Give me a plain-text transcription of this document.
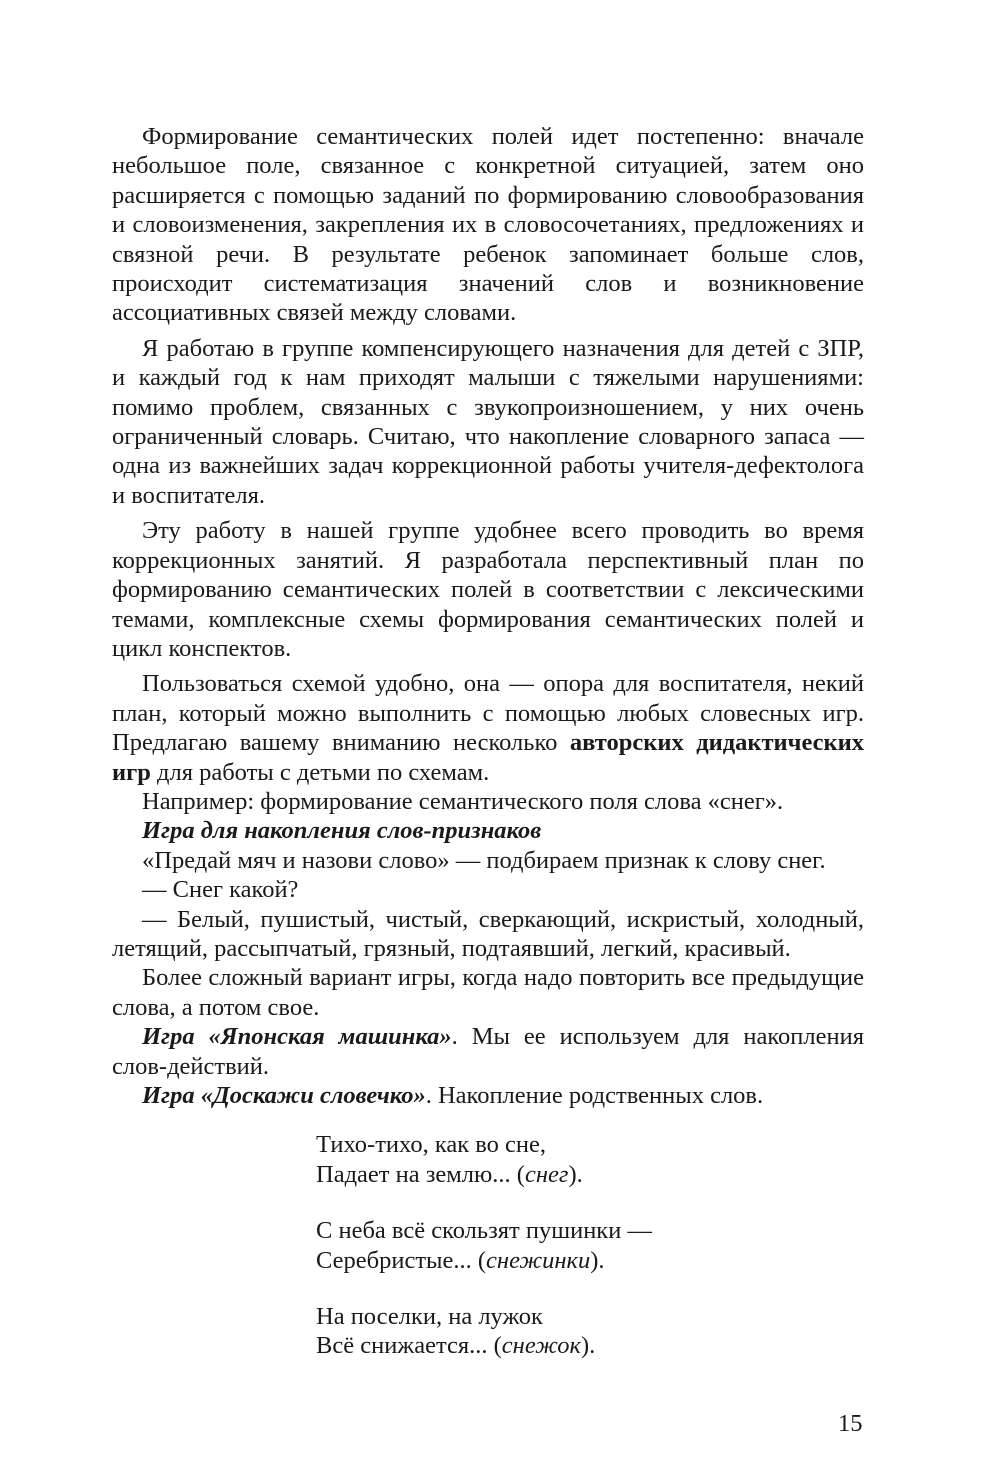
Формирование семантических полей идет постепенно: вначале небольшое поле, связанное с конкретной ситуацией, затем оно расширяется с помощью заданий по формированию словообразования и словоизменения, закрепления их в словосочетаниях, предложениях и связной речи. В результате ребенок запоминает больше слов, происходит систематизация значений слов и возникновение ассоциативных связей между словами.

Я работаю в группе компенсирующего назначения для детей с ЗПР, и каждый год к нам приходят малыши с тяжелыми нарушениями: помимо проблем, связанных с звукопроизношением, у них очень ограниченный словарь. Считаю, что накопление словарного запаса — одна из важнейших задач коррекционной работы учителя-дефектолога и воспитателя.

Эту работу в нашей группе удобнее всего проводить во время коррекционных занятий. Я разработала перспективный план по формированию семантических полей в соответствии с лексическими темами, комплексные схемы формирования семантических полей и цикл конспектов.

Пользоваться схемой удобно, она — опора для воспитателя, некий план, который можно выполнить с помощью любых словесных игр. Предлагаю вашему вниманию несколько авторских дидактических игр для работы с детьми по схемам.

Например: формирование семантического поля слова «снег».

Игра для накопления слов-признаков

«Предай мяч и назови слово» — подбираем признак к слову снег.

— Снег какой?

— Белый, пушистый, чистый, сверкающий, искристый, холодный, летящий, рассыпчатый, грязный, подтаявший, легкий, красивый.

Более сложный вариант игры, когда надо повторить все предыдущие слова, а потом свое.

Игра «Японская машинка». Мы ее используем для накопления слов-действий.

Игра «Доскажи словечко». Накопление родственных слов.

Тихо-тихо, как во сне,
Падает на землю... (снег).
С неба всё скользят пушинки —
Серебристые... (снежинки).
На поселки, на лужок
Всё снижается... (снежок).
15
